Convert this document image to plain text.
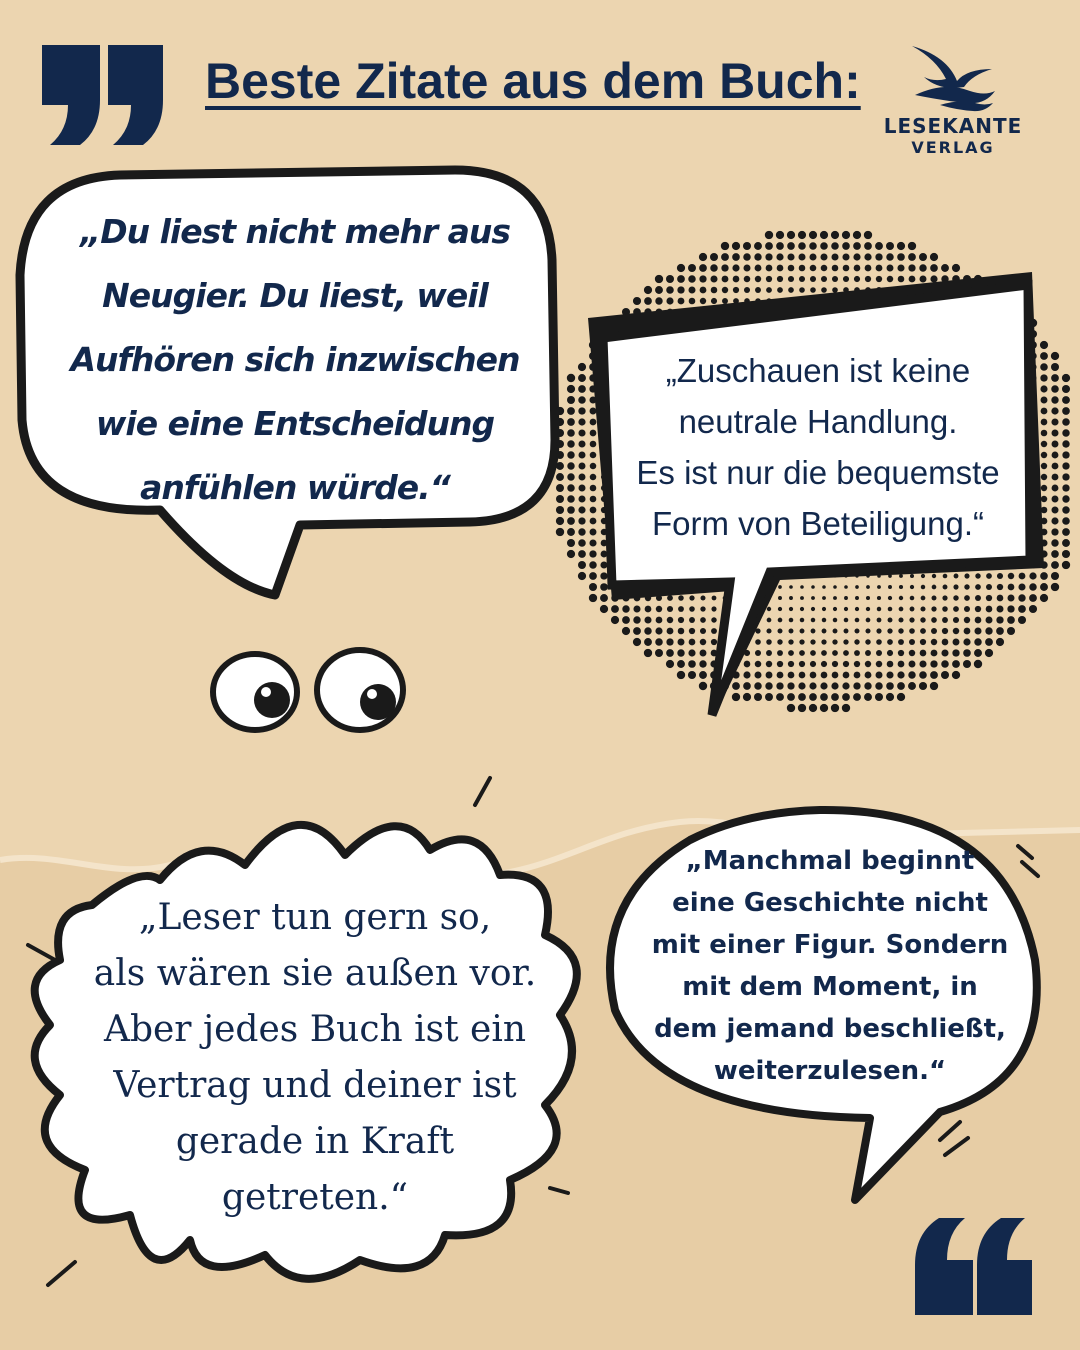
Beste Zitate aus dem Buch:
LESEKANTE
VERLAG

„Du liest nicht mehr aus
Neugier. Du liest, weil
Aufhören sich inzwischen
wie eine Entscheidung
anfühlen würde.“

„Zuschauen ist keine
neutrale Handlung.
Es ist nur die bequemste
Form von Beteiligung.“

„Leser tun gern so,
als wären sie außen vor.
Aber jedes Buch ist ein
Vertrag und deiner ist
gerade in Kraft
getreten.“

„Manchmal beginnt
eine Geschichte nicht
mit einer Figur. Sondern
mit dem Moment, in
dem jemand beschließt,
weiterzulesen.“
